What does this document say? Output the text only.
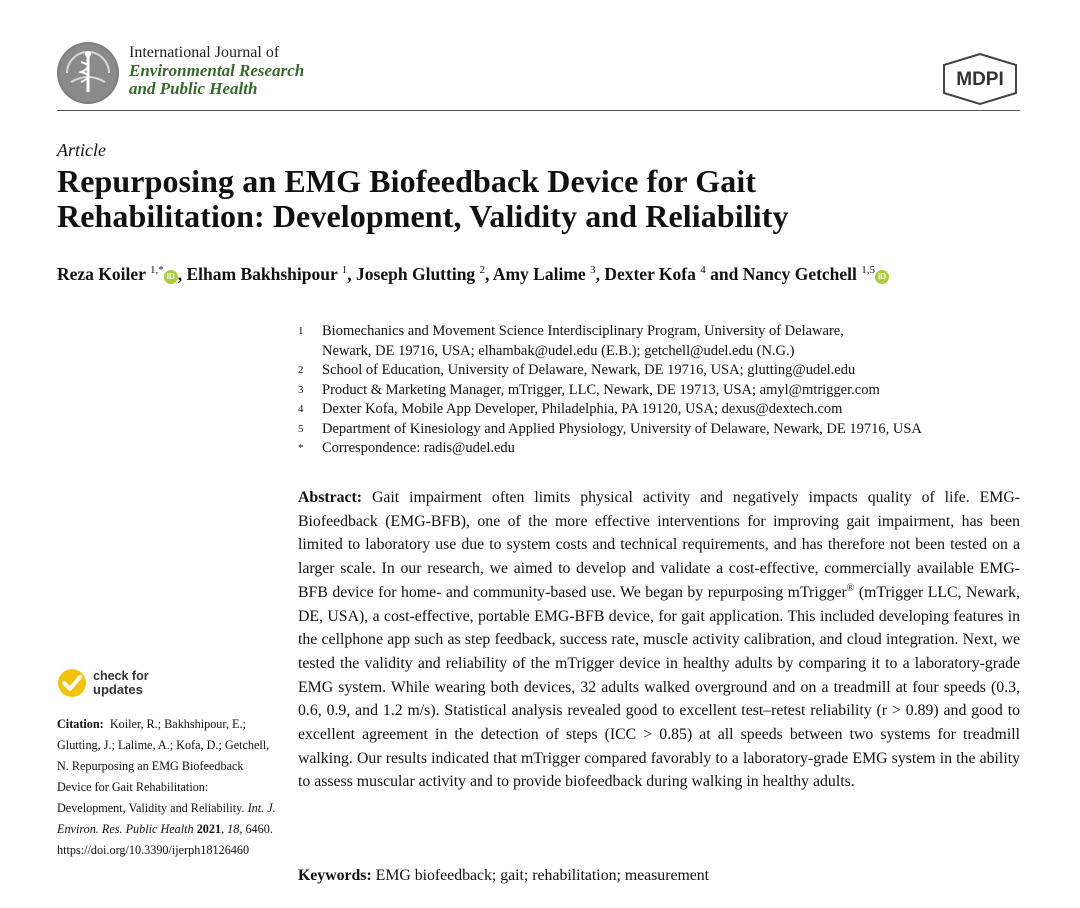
International Journal of
Environmental Research
and Public Health	MDPI
Article
Repurposing an EMG Biofeedback Device for Gait
Rehabilitation: Development, Validity and Reliability
Reza Koiler $^{1,*}$iD , Elham Bakhshipour $^1$, Joseph Glutting $^2$, Amy Lalime $^3$, Dexter Kofa $^4$ and Nancy Getchell $^{1,5}$iD
1	Biomechanics and Movement Science Interdisciplinary Program, University of Delaware,
Newark, DE 19716, USA; elhambak@udel.edu (E.B.); getchell@udel.edu (N.G.)
2	School of Education, University of Delaware, Newark, DE 19716, USA; glutting@udel.edu
3	Product & Marketing Manager, mTrigger, LLC, Newark, DE 19713, USA; amyl@mtrigger.com
4	Dexter Kofa, Mobile App Developer, Philadelphia, PA 19120, USA; dexus@dextech.com
5	Department of Kinesiology and Applied Physiology, University of Delaware, Newark, DE 19716, USA
*	Correspondence: radis@udel.edu
Abstract: Gait impairment often limits physical activity and negatively impacts quality of life. EMG-Biofeedback (EMG-BFB), one of the more effective interventions for improving gait impairment, has been limited to laboratory use due to system costs and technical requirements, and has therefore not been tested on a larger scale. In our research, we aimed to develop and validate a cost-effective, commercially available EMG-BFB device for home- and community-based use. We began by repurposing mTrigger® (mTrigger LLC, Newark, DE, USA), a cost-effective, portable EMG-BFB device, for gait application. This included developing features in the cellphone app such as step feedback, success rate, muscle activity calibration, and cloud integration. Next, we tested the validity and reliability of the mTrigger device in healthy adults by comparing it to a laboratory-grade EMG system. While wearing both devices, 32 adults walked overground and on a treadmill at four speeds (0.3, 0.6, 0.9, and 1.2 m/s). Statistical analysis revealed good to excellent test–retest reliability (r > 0.89) and good to excellent agreement in the detection of steps (ICC > 0.85) at all speeds between two systems for treadmill walking. Our results indicated that mTrigger compared favorably to a laboratory-grade EMG system in the ability to assess muscular activity and to provide biofeedback during walking in healthy adults.
Keywords: EMG biofeedback; gait; rehabilitation; measurement
check for
updates
Citation: Koiler, R.; Bakhshipour, E.; Glutting, J.; Lalime, A.; Kofa, D.; Getchell, N. Repurposing an EMG Biofeedback Device for Gait Rehabilitation: Development, Validity and Reliability. Int. J. Environ. Res. Public Health 2021, 18, 6460. https://doi.org/10.3390/ijerph18126460
